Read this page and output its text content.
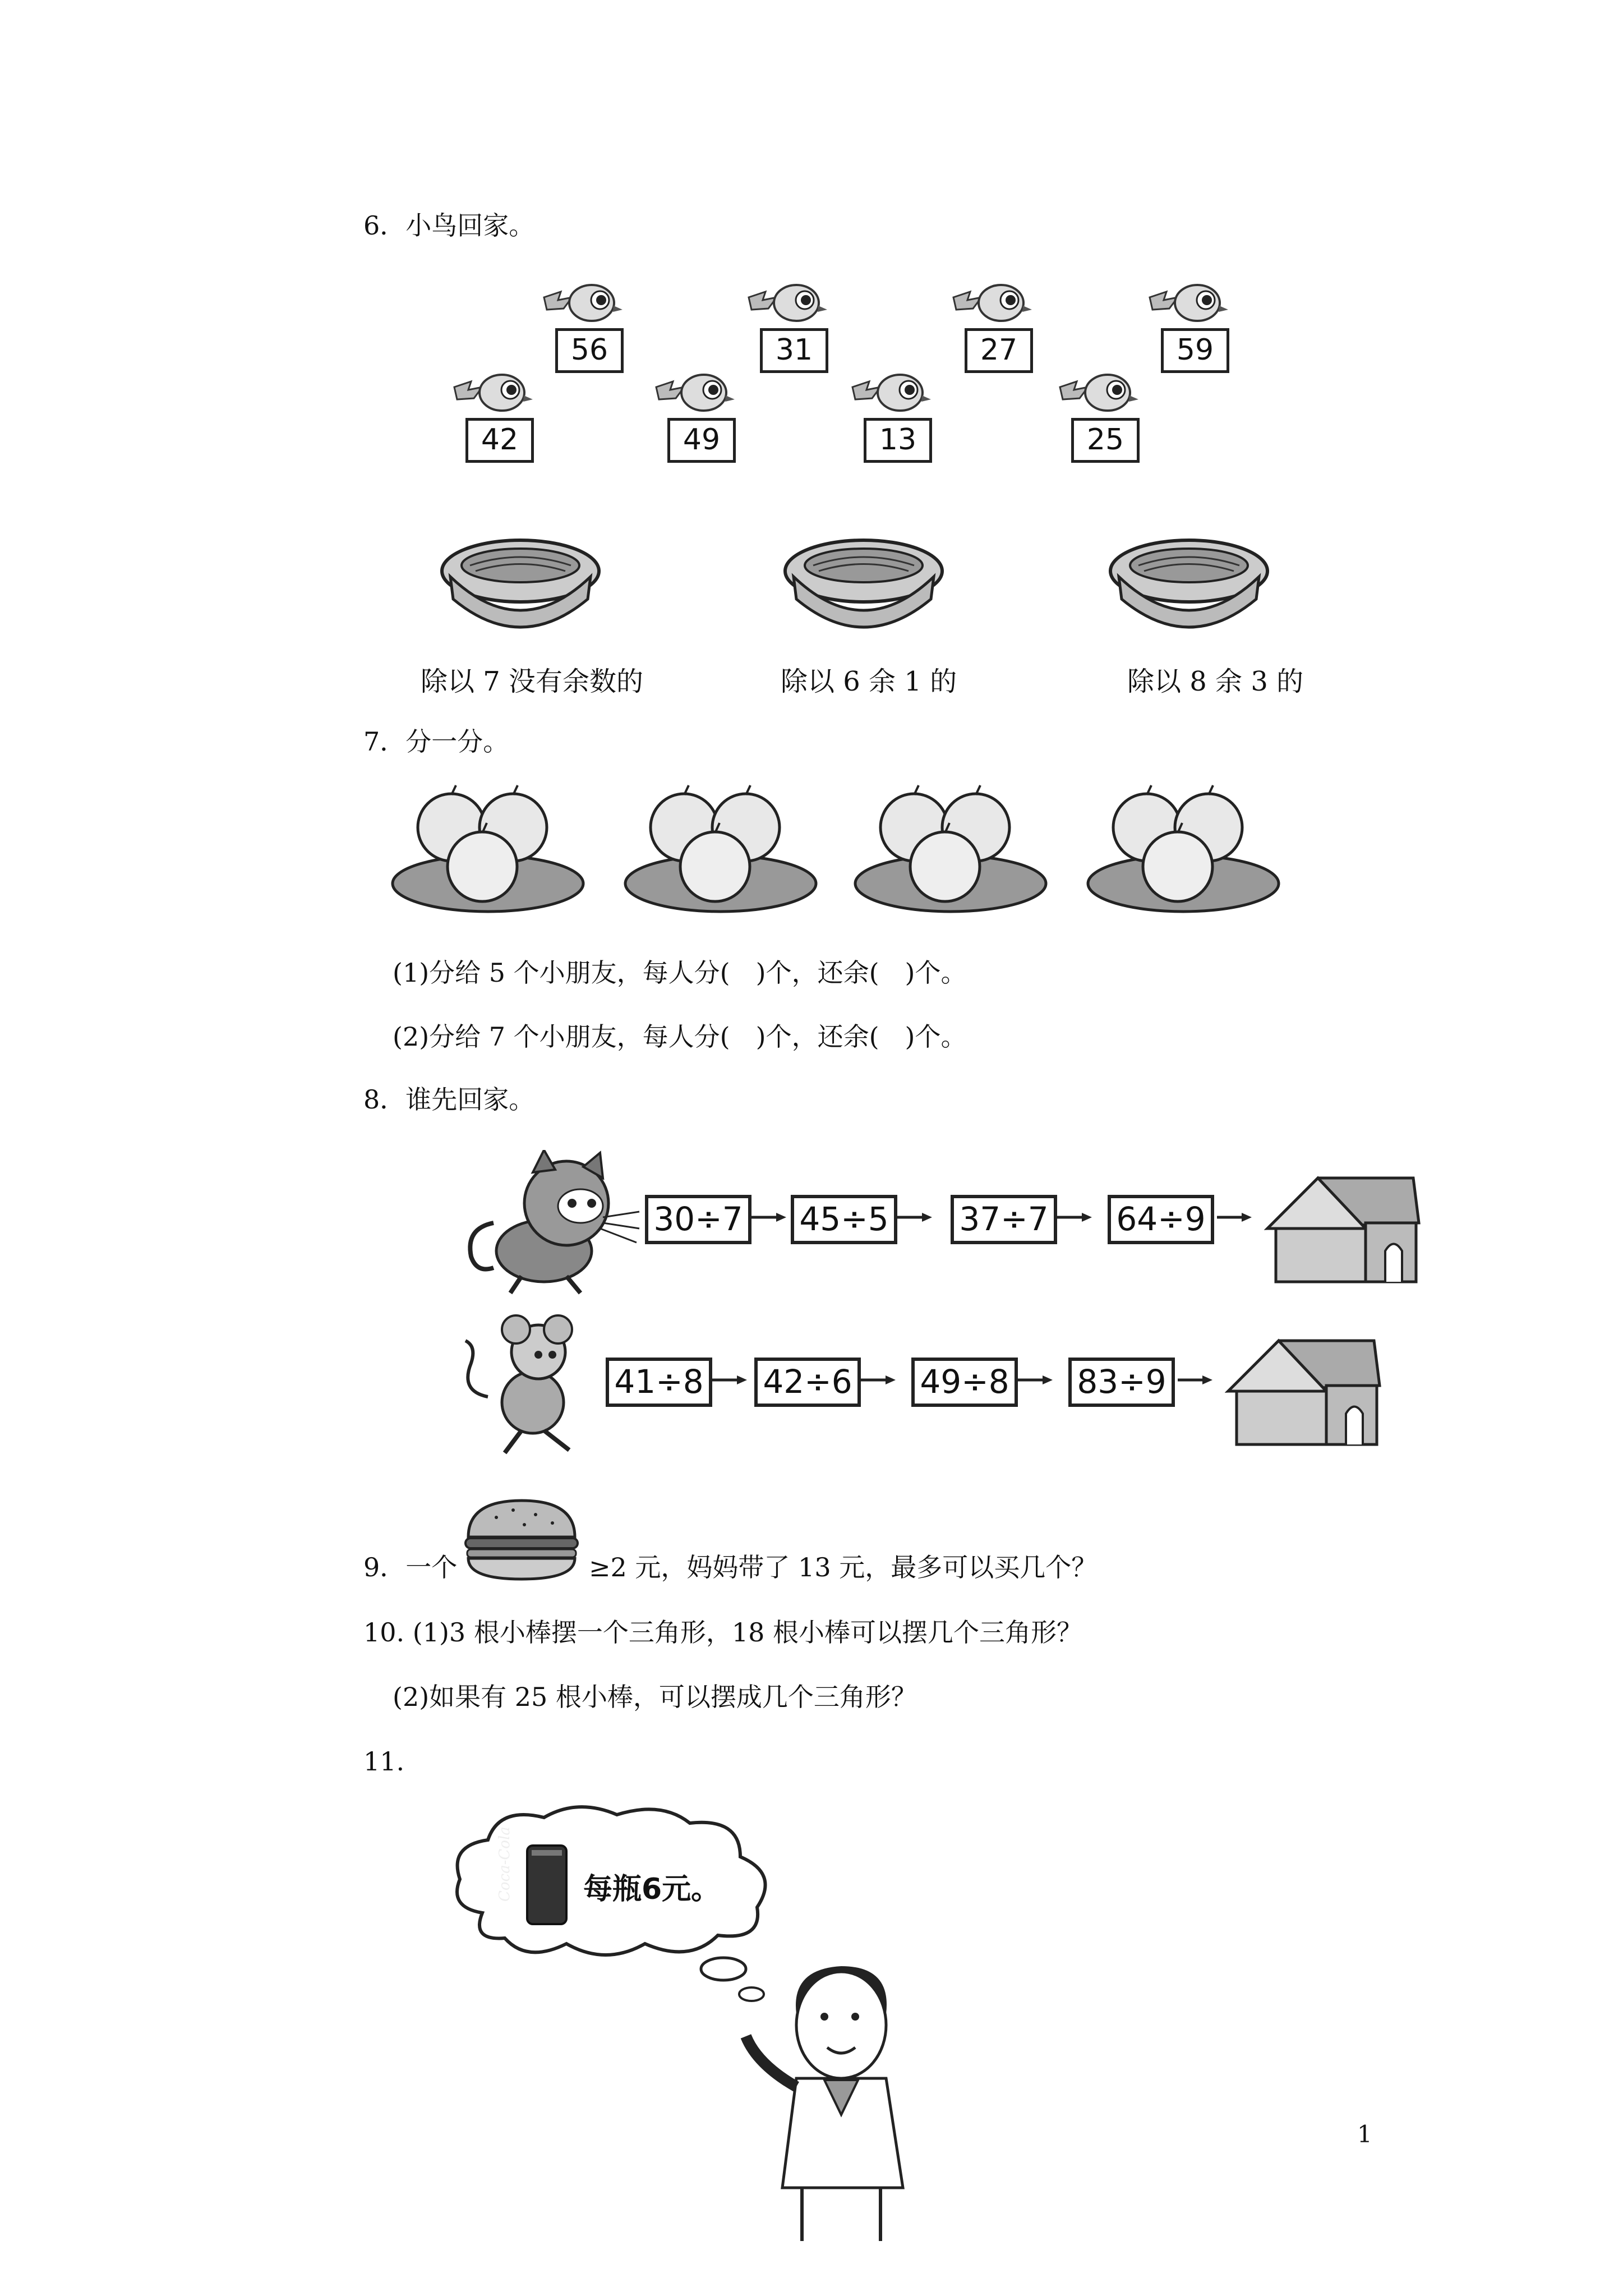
6．小鸟回家。
56	31	27	59
42	49	13	25
除以 7 没有余数的	除以 6 余 1 的	除以 8 余 3 的
7．分一分。
(1)分给 5 个小朋友，每人分(　)个，还余(　)个。
(2)分给 7 个小朋友，每人分(　)个，还余(　)个。
8．谁先回家。
30÷7 45÷5 37÷7 64÷9
41÷8 42÷6 49÷8 83÷9
9．一个	≥2 元，妈妈带了 13 元，最多可以买几个？
10. (1)3 根小棒摆一个三角形，18 根小棒可以摆几个三角形？
(2)如果有 25 根小棒，可以摆成几个三角形？
11.
Coca-Cola 每瓶6元。
1
